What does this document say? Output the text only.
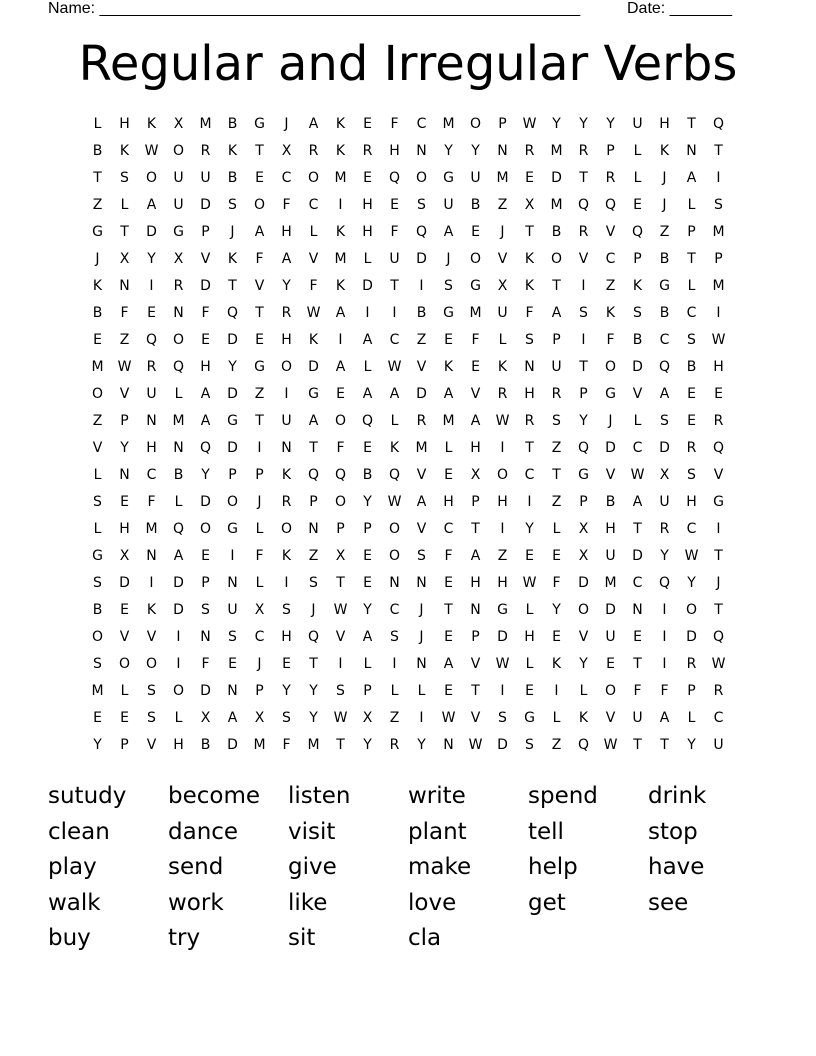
Name: ______________________________________________________	Date: _______
Regular and Irregular Verbs
L	H	K	X	M	B	G	J	A	K	E	F	C	M	O	P	W	Y	Y	Y	U	H	T	Q
B	K	W	O	R	K	T	X	R	K	R	H	N	Y	Y	N	R	M	R	P	L	K	N	T
T	S	O	U	U	B	E	C	O	M	E	Q	O	G	U	M	E	D	T	R	L	J	A	I
Z	L	A	U	D	S	O	F	C	I	H	E	S	U	B	Z	X	M	Q	Q	E	J	L	S
G	T	D	G	P	J	A	H	L	K	H	F	Q	A	E	J	T	B	R	V	Q	Z	P	M
J	X	Y	X	V	K	F	A	V	M	L	U	D	J	O	V	K	O	V	C	P	B	T	P
K	N	I	R	D	T	V	Y	F	K	D	T	I	S	G	X	K	T	I	Z	K	G	L	M
B	F	E	N	F	Q	T	R	W	A	I	I	B	G	M	U	F	A	S	K	S	B	C	I
E	Z	Q	O	E	D	E	H	K	I	A	C	Z	E	F	L	S	P	I	F	B	C	S	W
M	W	R	Q	H	Y	G	O	D	A	L	W	V	K	E	K	N	U	T	O	D	Q	B	H
O	V	U	L	A	D	Z	I	G	E	A	A	D	A	V	R	H	R	P	G	V	A	E	E
Z	P	N	M	A	G	T	U	A	O	Q	L	R	M	A	W	R	S	Y	J	L	S	E	R
V	Y	H	N	Q	D	I	N	T	F	E	K	M	L	H	I	T	Z	Q	D	C	D	R	Q
L	N	C	B	Y	P	P	K	Q	Q	B	Q	V	E	X	O	C	T	G	V	W	X	S	V
S	E	F	L	D	O	J	R	P	O	Y	W	A	H	P	H	I	Z	P	B	A	U	H	G
L	H	M	Q	O	G	L	O	N	P	P	O	V	C	T	I	Y	L	X	H	T	R	C	I
G	X	N	A	E	I	F	K	Z	X	E	O	S	F	A	Z	E	E	X	U	D	Y	W	T
S	D	I	D	P	N	L	I	S	T	E	N	N	E	H	H	W	F	D	M	C	Q	Y	J
B	E	K	D	S	U	X	S	J	W	Y	C	J	T	N	G	L	Y	O	D	N	I	O	T
O	V	V	I	N	S	C	H	Q	V	A	S	J	E	P	D	H	E	V	U	E	I	D	Q
S	O	O	I	F	E	J	E	T	I	L	I	N	A	V	W	L	K	Y	E	T	I	R	W
M	L	S	O	D	N	P	Y	Y	S	P	L	L	E	T	I	E	I	L	O	F	F	P	R
E	E	S	L	X	A	X	S	Y	W	X	Z	I	W	V	S	G	L	K	V	U	A	L	C
Y	P	V	H	B	D	M	F	M	T	Y	R	Y	N	W	D	S	Z	Q	W	T	T	Y	U
sutudy	become	listen	write	spend	drink
clean	dance	visit	plant	tell	stop
play	send	give	make	help	have
walk	work	like	love	get	see
buy	try	sit	cla
